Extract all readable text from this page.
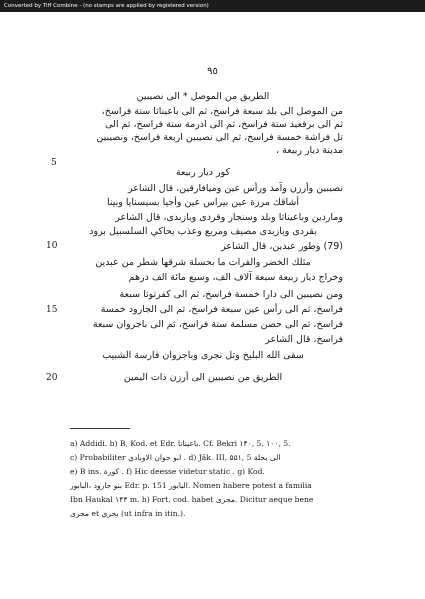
Converted by Tiff Combine - (no stamps are applied by registered version)
٩٥
الطريق من الموصل * الى نصيبين
من الموصل الى بلد سبعة فراسخ، ثم الى باعيناثا ستة فراسخ،
ثم الى برقعيد ستة فراسخ، ثم الى اذرمة ستة فراسخ، ثم الى
تل فراشة خمسة فراسخ، ثم الى نصيبين اربعة فراسخ، ونصيبين
مدينة ديار ربيعة ،
كور ديار ربيعة
نصيبين وأرزن وآمد ورأس عين وميافارقين، قال الشاعر
أشاقك مرزة عين بيراس عين وأحيا بسيسنايا وبينا
وماردين وباعيناثا وبلد وسنجار وقردى وبازبدى، قال الشاعر
بقردى وبازبدى مصيف ومربع وعذب يحاكي السلسبيل برود
(79) وطور عبدين، قال الشاعر
مثلك الخضر والفرات ما بحسلة شرقها شطر من عبدين
وخراج ديار ربيعة سبعة آلاف الف، وسبع مائة الف درهم
ومن نصيبين الى دارا خمسة فراسخ، ثم الى كفرتوثا سبعة
فراسخ، ثم الى رأس عين سبعة فراسخ، ثم الى الجارود خمسة
فراسخ، ثم الى حصن مسلمة ستة فراسخ، ثم الى باجروان سبعة
فراسخ، قال الشاعر
سقى الله البليخ وتل نجرى وباجروان فارسة الشبيب
الطريق من نصيبين الى أرزن ذات اليمين
5
10
15
20
a) Addidi. b) B, Kod. et Edr. باعيناتا. Cf. Bekri ۱۴۰, 5, ۱۰۰, 5.
c) Probabiliter ابو جوان الاوبادي . d) Jâk. III, ۵۵۱, 5 الى بجلة
e) B ins. كورة . f) Hic deesse videtur static . g) Kod.
بنو جارود ،البابور Edr. p. 151 البابور. Nomen habere potest a familia
Ibn Haukal ۱۴۴ m. h) Fort. cod. habet مجرى. Dicitur aeque bene
مجرى et بحري (ut infra in itin.).
